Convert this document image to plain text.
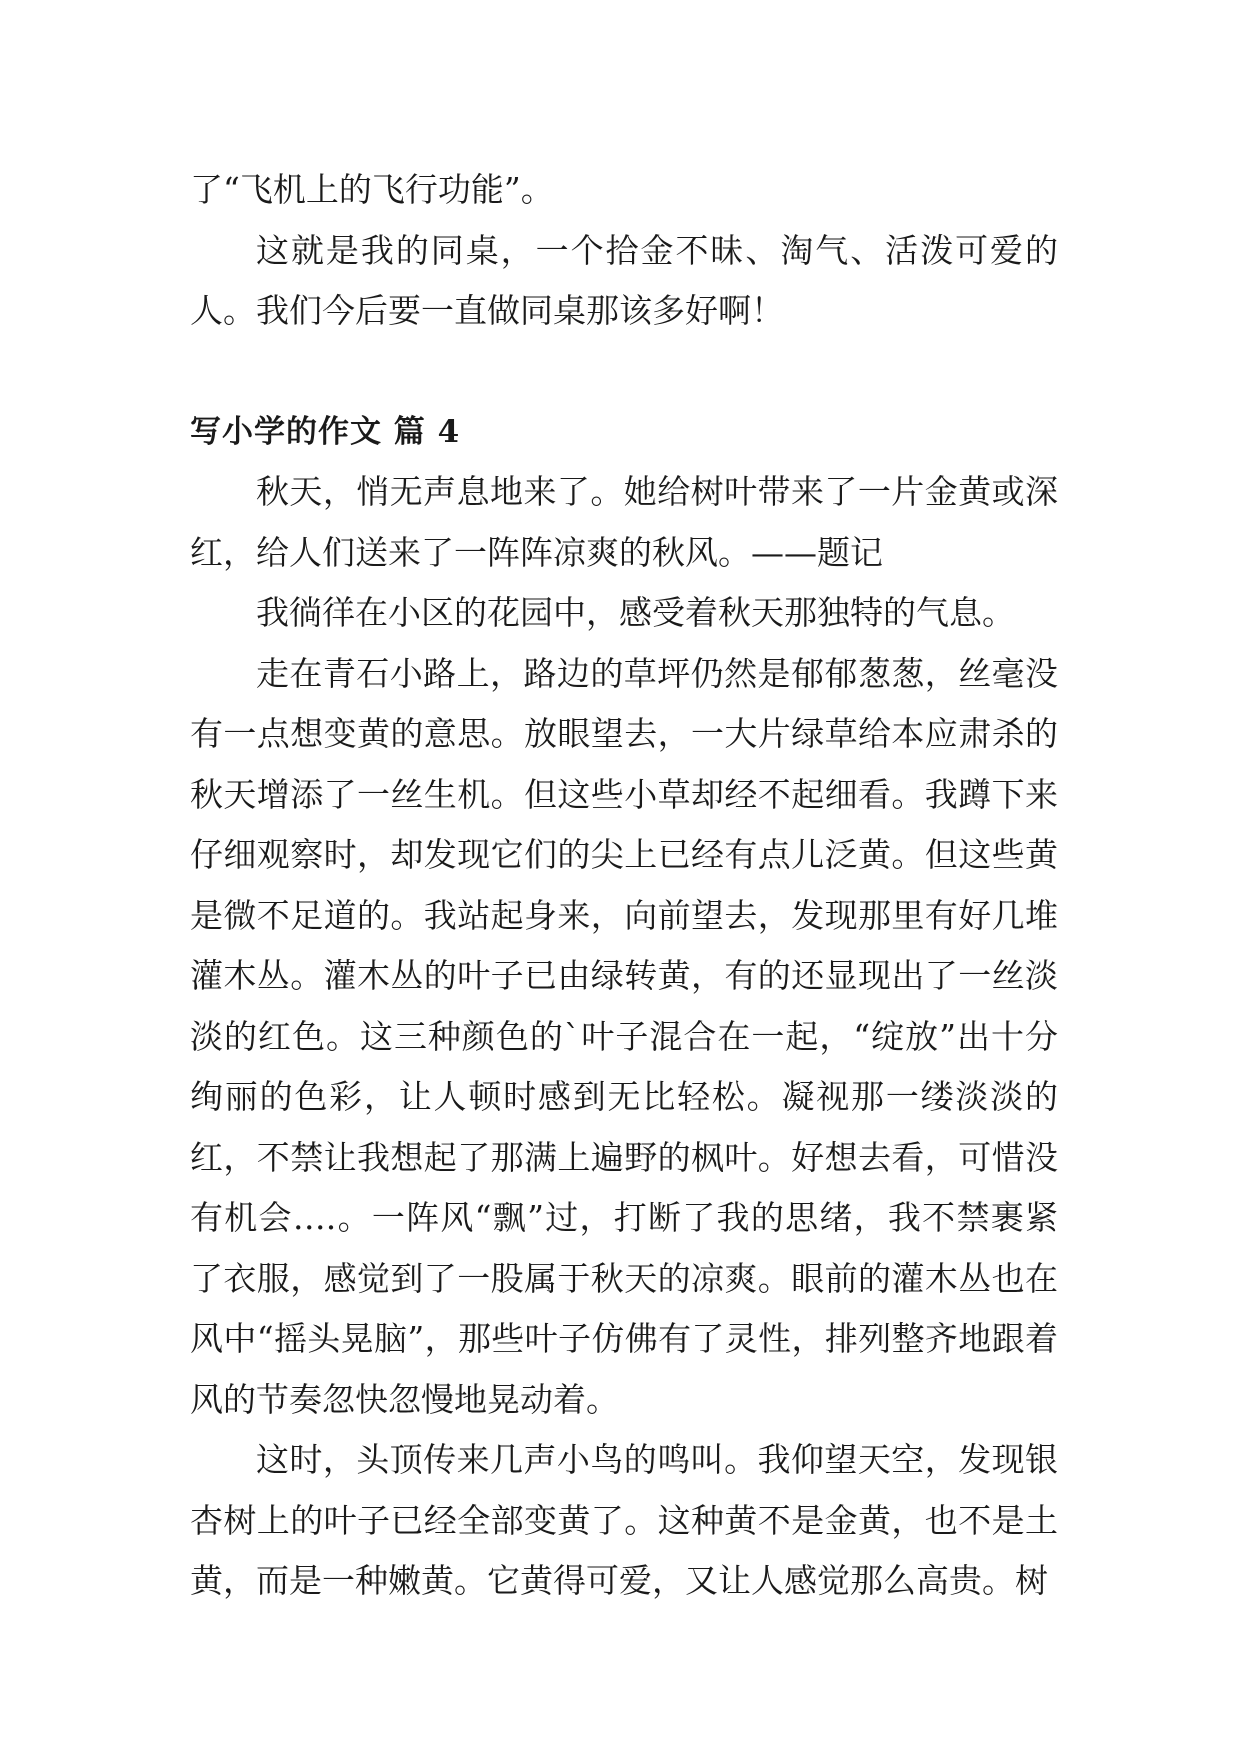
了“飞机上的飞行功能”。

这就是我的同桌，一个拾金不昧、淘气、活泼可爱的人。我们今后要一直做同桌那该多好啊！

写小学的作文 篇 4

秋天，悄无声息地来了。她给树叶带来了一片金黄或深红，给人们送来了一阵阵凉爽的秋风。——题记

我徜徉在小区的花园中，感受着秋天那独特的气息。

走在青石小路上，路边的草坪仍然是郁郁葱葱，丝毫没有一点想变黄的意思。放眼望去，一大片绿草给本应肃杀的秋天增添了一丝生机。但这些小草却经不起细看。我蹲下来仔细观察时，却发现它们的尖上已经有点儿泛黄。但这些黄是微不足道的。我站起身来，向前望去，发现那里有好几堆灌木丛。灌木丛的叶子已由绿转黄，有的还显现出了一丝淡淡的红色。这三种颜色的`叶子混合在一起，“绽放”出十分绚丽的色彩，让人顿时感到无比轻松。凝视那一缕淡淡的红，不禁让我想起了那满上遍野的枫叶。好想去看，可惜没有机会….。一阵风“飘”过，打断了我的思绪，我不禁裹紧了衣服，感觉到了一股属于秋天的凉爽。眼前的灌木丛也在风中“摇头晃脑”，那些叶子仿佛有了灵性，排列整齐地跟着风的节奏忽快忽慢地晃动着。

这时，头顶传来几声小鸟的鸣叫。我仰望天空，发现银杏树上的叶子已经全部变黄了。这种黄不是金黄，也不是土黄，而是一种嫩黄。它黄得可爱，又让人感觉那么高贵。树
